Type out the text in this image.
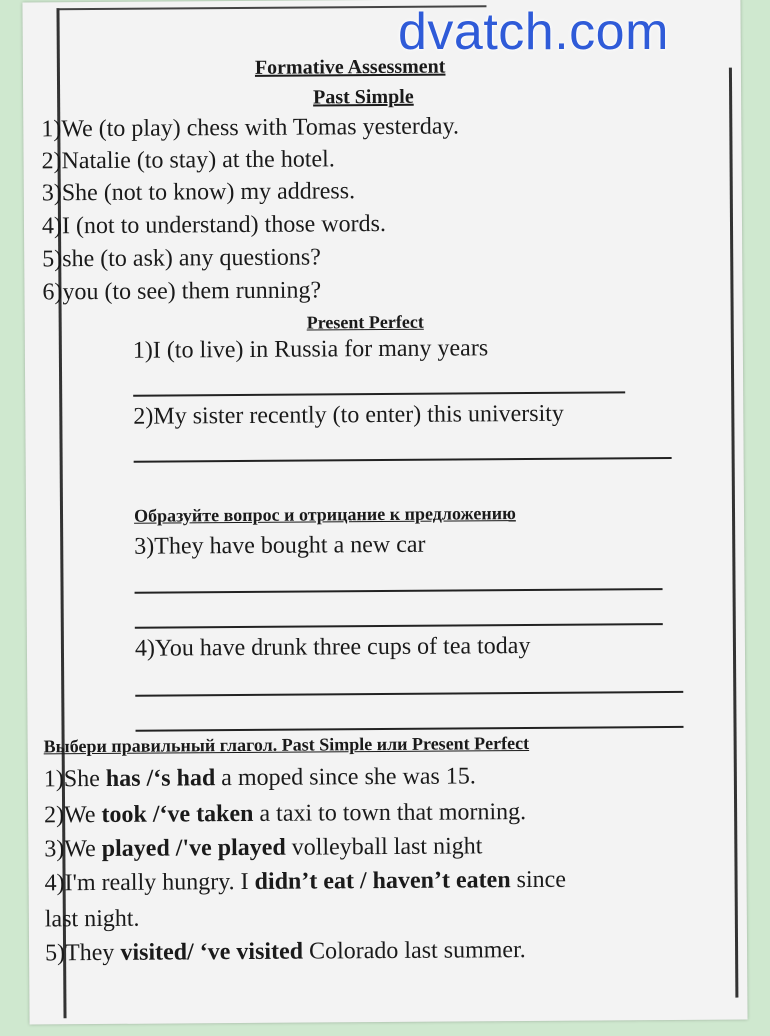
Formative Assessment
Past Simple
1)We (to play) chess with Tomas yesterday.
2)Natalie (to stay) at the hotel.
3)She (not to know) my address.
4)I (not to understand) those words.
5)she (to ask) any questions?
6)you (to see) them running?
Present Perfect
1)I (to live) in Russia for many years
2)My sister recently (to enter) this university
Образуйте вопрос и отрицание к предложению
3)They have bought a new car
4)You have drunk three cups of tea today
Выбери правильный глагол. Past Simple или Present Perfect
1)She has /‘s had a moped since she was 15.
2)We took /‘ve taken a taxi to town that morning.
3)We played /'ve played volleyball last night
4)I'm really hungry. I didn’t eat / haven’t eaten since
last night.
5)They visited/ ‘ve visited Colorado last summer.
dvatch.com
